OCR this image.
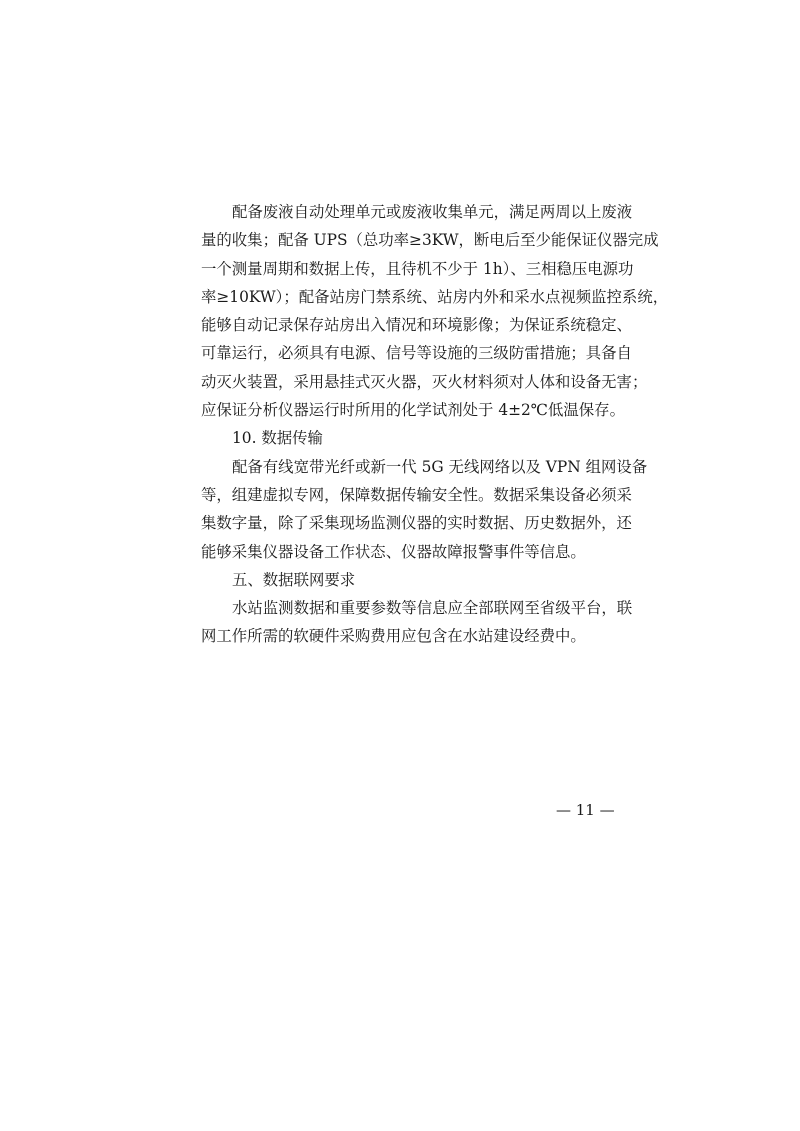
配备废液自动处理单元或废液收集单元，满足两周以上废液
量的收集；配备 UPS（总功率≥3KW，断电后至少能保证仪器完成
一个测量周期和数据上传，且待机不少于 1h）、三相稳压电源功
率≥10KW）；配备站房门禁系统、站房内外和采水点视频监控系统，
能够自动记录保存站房出入情况和环境影像；为保证系统稳定、
可靠运行，必须具有电源、信号等设施的三级防雷措施；具备自
动灭火装置，采用悬挂式灭火器，灭火材料须对人体和设备无害；
应保证分析仪器运行时所用的化学试剂处于 4±2℃低温保存。
10. 数据传输
配备有线宽带光纤或新一代 5G 无线网络以及 VPN 组网设备
等，组建虚拟专网，保障数据传输安全性。数据采集设备必须采
集数字量，除了采集现场监测仪器的实时数据、历史数据外，还
能够采集仪器设备工作状态、仪器故障报警事件等信息。
五、数据联网要求
水站监测数据和重要参数等信息应全部联网至省级平台，联
网工作所需的软硬件采购费用应包含在水站建设经费中。
— 11 —
